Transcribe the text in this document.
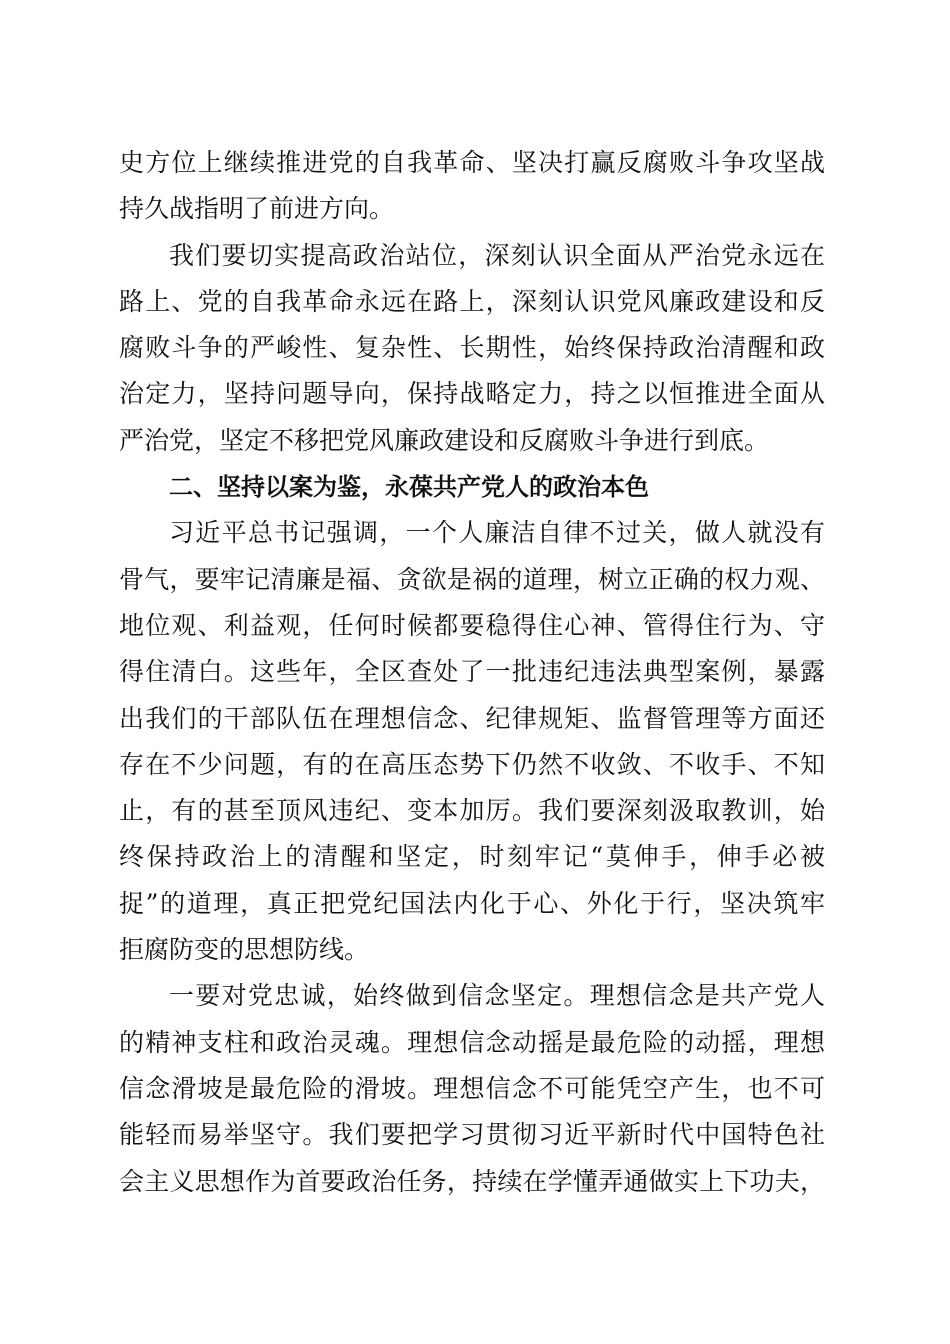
史方位上继续推进党的自我革命、坚决打赢反腐败斗争攻坚战
持久战指明了前进方向。
我们要切实提高政治站位，深刻认识全面从严治党永远在
路上、党的自我革命永远在路上，深刻认识党风廉政建设和反
腐败斗争的严峻性、复杂性、长期性，始终保持政治清醒和政
治定力，坚持问题导向，保持战略定力，持之以恒推进全面从
严治党，坚定不移把党风廉政建设和反腐败斗争进行到底。
二、坚持以案为鉴，永葆共产党人的政治本色
习近平总书记强调，一个人廉洁自律不过关，做人就没有
骨气，要牢记清廉是福、贪欲是祸的道理，树立正确的权力观、
地位观、利益观，任何时候都要稳得住心神、管得住行为、守
得住清白。这些年，全区查处了一批违纪违法典型案例，暴露
出我们的干部队伍在理想信念、纪律规矩、监督管理等方面还
存在不少问题，有的在高压态势下仍然不收敛、不收手、不知
止，有的甚至顶风违纪、变本加厉。我们要深刻汲取教训，始
终保持政治上的清醒和坚定，时刻牢记“莫伸手，伸手必被
捉”的道理，真正把党纪国法内化于心、外化于行，坚决筑牢
拒腐防变的思想防线。
一要对党忠诚，始终做到信念坚定。理想信念是共产党人
的精神支柱和政治灵魂。理想信念动摇是最危险的动摇，理想
信念滑坡是最危险的滑坡。理想信念不可能凭空产生，也不可
能轻而易举坚守。我们要把学习贯彻习近平新时代中国特色社
会主义思想作为首要政治任务，持续在学懂弄通做实上下功夫，
